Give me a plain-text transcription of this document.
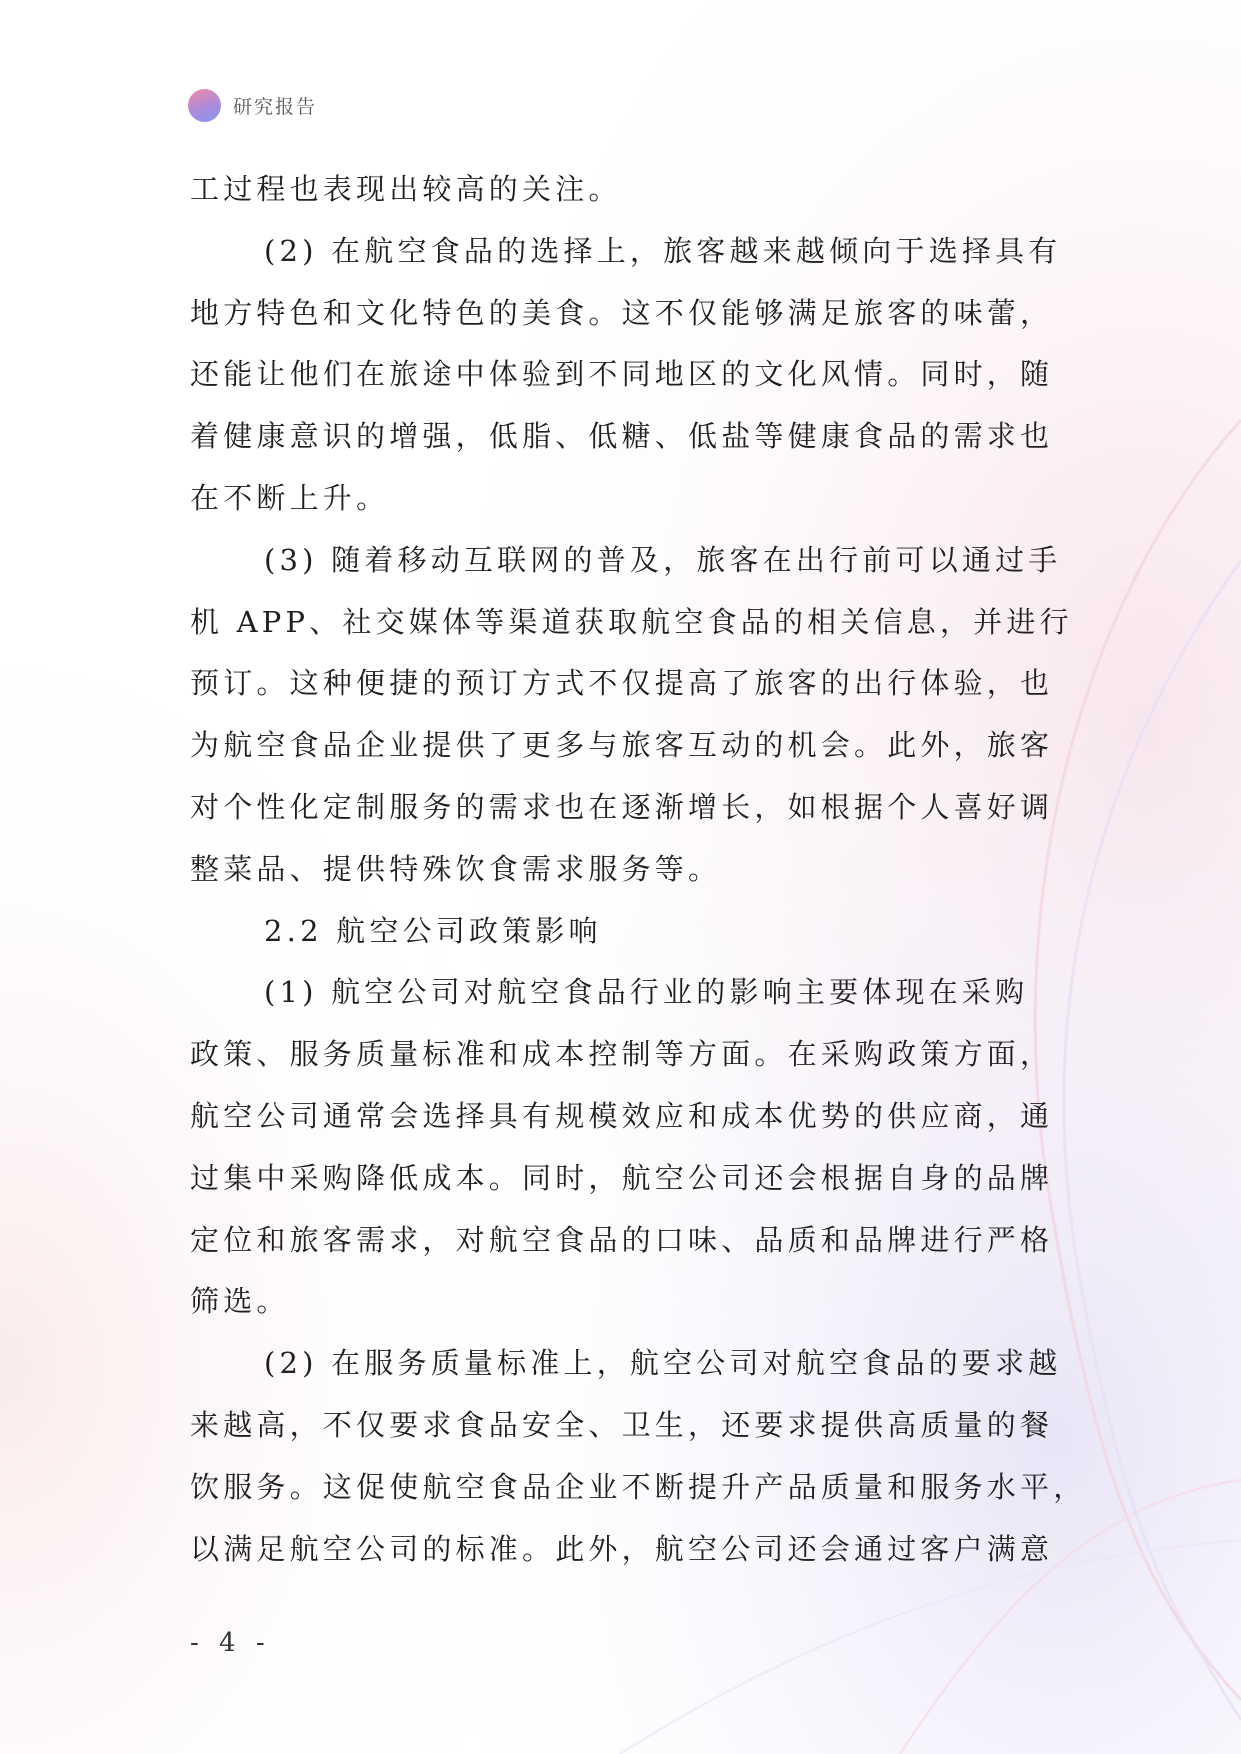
研究报告
工过程也表现出较高的关注。
(2) 在航空食品的选择上，旅客越来越倾向于选择具有
地方特色和文化特色的美食。这不仅能够满足旅客的味蕾，
还能让他们在旅途中体验到不同地区的文化风情。同时，随
着健康意识的增强，低脂、低糖、低盐等健康食品的需求也
在不断上升。
(3) 随着移动互联网的普及，旅客在出行前可以通过手
机 APP、社交媒体等渠道获取航空食品的相关信息，并进行
预订。这种便捷的预订方式不仅提高了旅客的出行体验，也
为航空食品企业提供了更多与旅客互动的机会。此外，旅客
对个性化定制服务的需求也在逐渐增长，如根据个人喜好调
整菜品、提供特殊饮食需求服务等。
2.2 航空公司政策影响
(1) 航空公司对航空食品行业的影响主要体现在采购
政策、服务质量标准和成本控制等方面。在采购政策方面，
航空公司通常会选择具有规模效应和成本优势的供应商，通
过集中采购降低成本。同时，航空公司还会根据自身的品牌
定位和旅客需求，对航空食品的口味、品质和品牌进行严格
筛选。
(2) 在服务质量标准上，航空公司对航空食品的要求越
来越高，不仅要求食品安全、卫生，还要求提供高质量的餐
饮服务。这促使航空食品企业不断提升产品质量和服务水平，
以满足航空公司的标准。此外，航空公司还会通过客户满意
- 4 -
